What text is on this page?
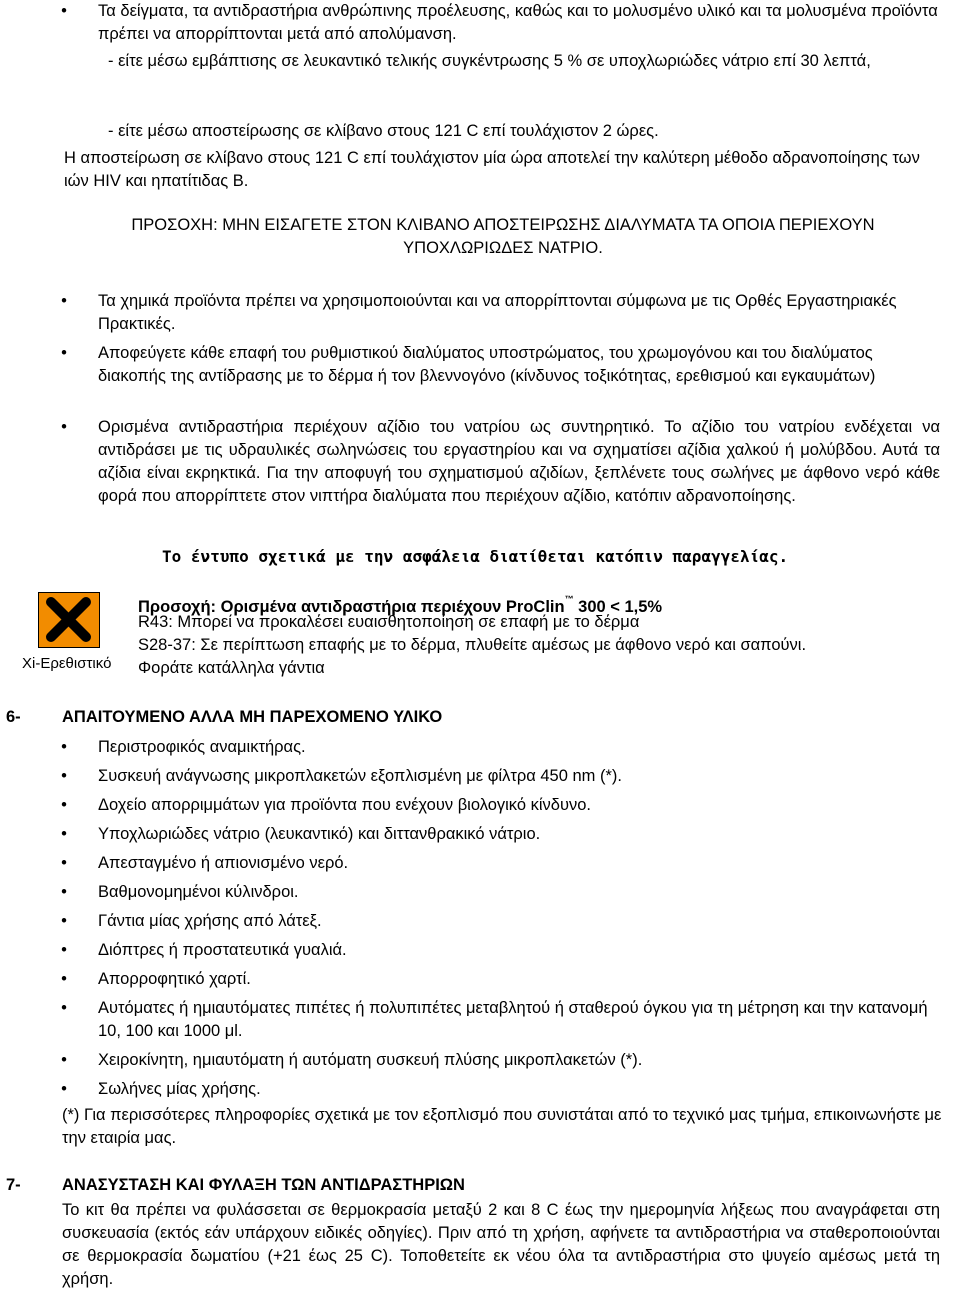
•	Τα δείγματα, τα αντιδραστήρια ανθρώπινης προέλευσης, καθώς και το μολυσμένο υλικό και τα μολυσμένα προϊόντα πρέπει να απορρίπτονται μετά από απολύμανση.
- είτε μέσω εμβάπτισης σε λευκαντικό τελικής συγκέντρωσης 5 % σε υποχλωριώδες νάτριο επί 30 λεπτά,
- είτε μέσω αποστείρωσης σε κλίβανο στους 121 C επί τουλάχιστον 2 ώρες.
Η αποστείρωση σε κλίβανο στους 121 C επί τουλάχιστον μία ώρα αποτελεί την καλύτερη μέθοδο αδρανοποίησης των ιών HIV και ηπατίτιδας B.
ΠΡΟΣΟΧΗ: ΜΗΝ ΕΙΣΑΓΕΤΕ ΣΤΟΝ ΚΛΙΒΑΝΟ ΑΠΟΣΤΕΙΡΩΣΗΣ ΔΙΑΛΥΜΑΤΑ ΤΑ ΟΠΟΙΑ ΠΕΡΙΕΧΟΥΝ ΥΠΟΧΛΩΡΙΩΔΕΣ ΝΑΤΡΙΟ.
•	Τα χημικά προϊόντα πρέπει να χρησιμοποιούνται και να απορρίπτονται σύμφωνα με τις Ορθές Εργαστηριακές Πρακτικές.
•	Αποφεύγετε κάθε επαφή του ρυθμιστικού διαλύματος υποστρώματος, του χρωμογόνου και του διαλύματος διακοπής της αντίδρασης με το δέρμα ή τον βλεννογόνο (κίνδυνος τοξικότητας, ερεθισμού και εγκαυμάτων)
•	Ορισμένα αντιδραστήρια περιέχουν αζίδιο του νατρίου ως συντηρητικό. Το αζίδιο του νατρίου ενδέχεται να αντιδράσει με τις υδραυλικές σωληνώσεις του εργαστηρίου και να σχηματίσει αζίδια χαλκού ή μολύβδου. Αυτά τα αζίδια είναι εκρηκτικά. Για την αποφυγή του σχηματισμού αζιδίων, ξεπλένετε τους σωλήνες με άφθονο νερό κάθε φορά που απορρίπτετε στον νιπτήρα διαλύματα που περιέχουν αζίδιο, κατόπιν αδρανοποίησης.
Το έντυπο σχετικά με την ασφάλεια διατίθεται κατόπιν παραγγελίας.
Xi-Ερεθιστικό
Προσοχή: Ορισμένα αντιδραστήρια περιέχουν ProClin™ 300 < 1,5%
R43: Μπορεί να προκαλέσει ευαισθητοποίηση σε επαφή με το δέρμα
S28-37: Σε περίπτωση επαφής με το δέρμα, πλυθείτε αμέσως με άφθονο νερό και σαπούνι.
Φοράτε κατάλληλα γάντια
6-	ΑΠΑΙΤΟΥΜΕΝΟ ΑΛΛΑ ΜΗ ΠΑΡΕΧΟΜΕΝΟ ΥΛΙΚΟ
•	Περιστροφικός αναμικτήρας.
•	Συσκευή ανάγνωσης μικροπλακετών εξοπλισμένη με φίλτρα 450 nm (*).
•	Δοχείο απορριμμάτων για προϊόντα που ενέχουν βιολογικό κίνδυνο.
•	Υποχλωριώδες νάτριο (λευκαντικό) και διττανθρακικό νάτριο.
•	Απεσταγμένο ή απιονισμένο νερό.
•	Βαθμονομημένοι κύλινδροι.
•	Γάντια μίας χρήσης από λάτεξ.
•	Διόπτρες ή προστατευτικά γυαλιά.
•	Απορροφητικό χαρτί.
•	Αυτόματες ή ημιαυτόματες πιπέτες ή πολυπιπέτες μεταβλητού ή σταθερού όγκου για τη μέτρηση και την κατανομή 10, 100 και 1000 μl.
•	Χειροκίνητη, ημιαυτόματη ή αυτόματη συσκευή πλύσης μικροπλακετών (*).
•	Σωλήνες μίας χρήσης.
(*) Για περισσότερες πληροφορίες σχετικά με τον εξοπλισμό που συνιστάται από το τεχνικό μας τμήμα, επικοινωνήστε με την εταιρία μας.
7-	ΑΝΑΣΥΣΤΑΣΗ ΚΑΙ ΦΥΛΑΞΗ ΤΩΝ ΑΝΤΙΔΡΑΣΤΗΡΙΩΝ
Το κιτ θα πρέπει να φυλάσσεται σε θερμοκρασία μεταξύ 2 και 8 C έως την ημερομηνία λήξεως που αναγράφεται στη συσκευασία (εκτός εάν υπάρχουν ειδικές οδηγίες). Πριν από τη χρήση, αφήνετε τα αντιδραστήρια να σταθεροποιούνται σε θερμοκρασία δωματίου (+21 έως 25 C). Τοποθετείτε εκ νέου όλα τα αντιδραστήρια στο ψυγείο αμέσως μετά τη χρήση.
